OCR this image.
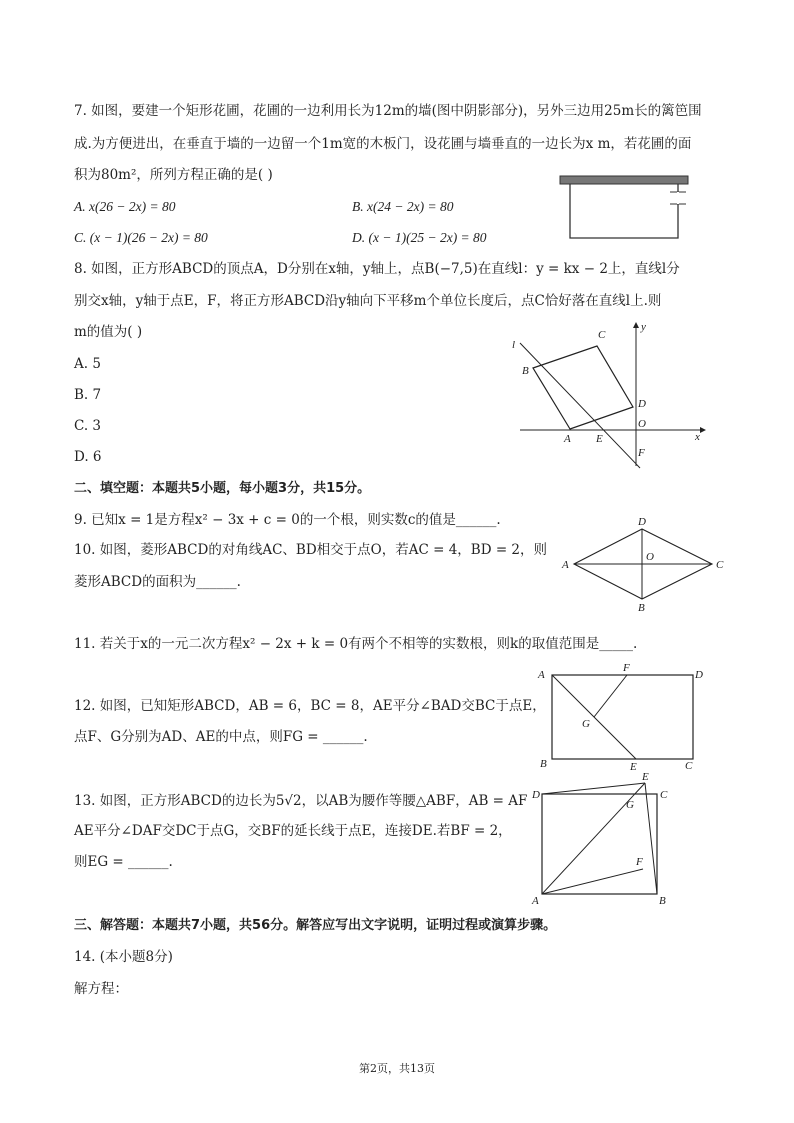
7. 如图，要建一个矩形花圃，花圃的一边利用长为12m的墙(图中阴影部分)，另外三边用25m长的篱笆围
成.为方便进出，在垂直于墙的一边留一个1m宽的木板门，设花圃与墙垂直的一边长为x m，若花圃的面
积为80m²，所列方程正确的是( )
A. x(26 − 2x) = 80	B. x(24 − 2x) = 80
C. (x − 1)(26 − 2x) = 80	D. (x − 1)(25 − 2x) = 80
8. 如图，正方形ABCD的顶点A，D分别在x轴，y轴上，点B(−7,5)在直线l：y = kx − 2上，直线l分
别交x轴，y轴于点E，F，将正方形ABCD沿y轴向下平移m个单位长度后，点C恰好落在直线l上.则
m的值为( )
A. 5
B. 7
C. 3
D. 6
l
y
x
A
B
C
D
E
F
O
二、填空题：本题共5小题，每小题3分，共15分。
9. 已知x = 1是方程x² − 3x + c = 0的一个根，则实数c的值是______.
10. 如图，菱形ABCD的对角线AC、BD相交于点O，若AC = 4，BD = 2，则
菱形ABCD的面积为______.
A
B
C
D
O
11. 若关于x的一元二次方程x² − 2x + k = 0有两个不相等的实数根，则k的取值范围是_____.
12. 如图，已知矩形ABCD，AB = 6，BC = 8，AE平分∠BAD交BC于点E，
点F、G分别为AD、AE的中点，则FG = ______.
A
B	C
D
E
F
G
13. 如图，正方形ABCD的边长为5√2，以AB为腰作等腰△ABF，AB = AF
AE平分∠DAF交DC于点G，交BF的延长线于点E，连接DE.若BF = 2，
则EG = ______.
D
A	B
C
E
G
F
三、解答题：本题共7小题，共56分。解答应写出文字说明，证明过程或演算步骤。
14. (本小题8分)
解方程：
第2页，共13页
